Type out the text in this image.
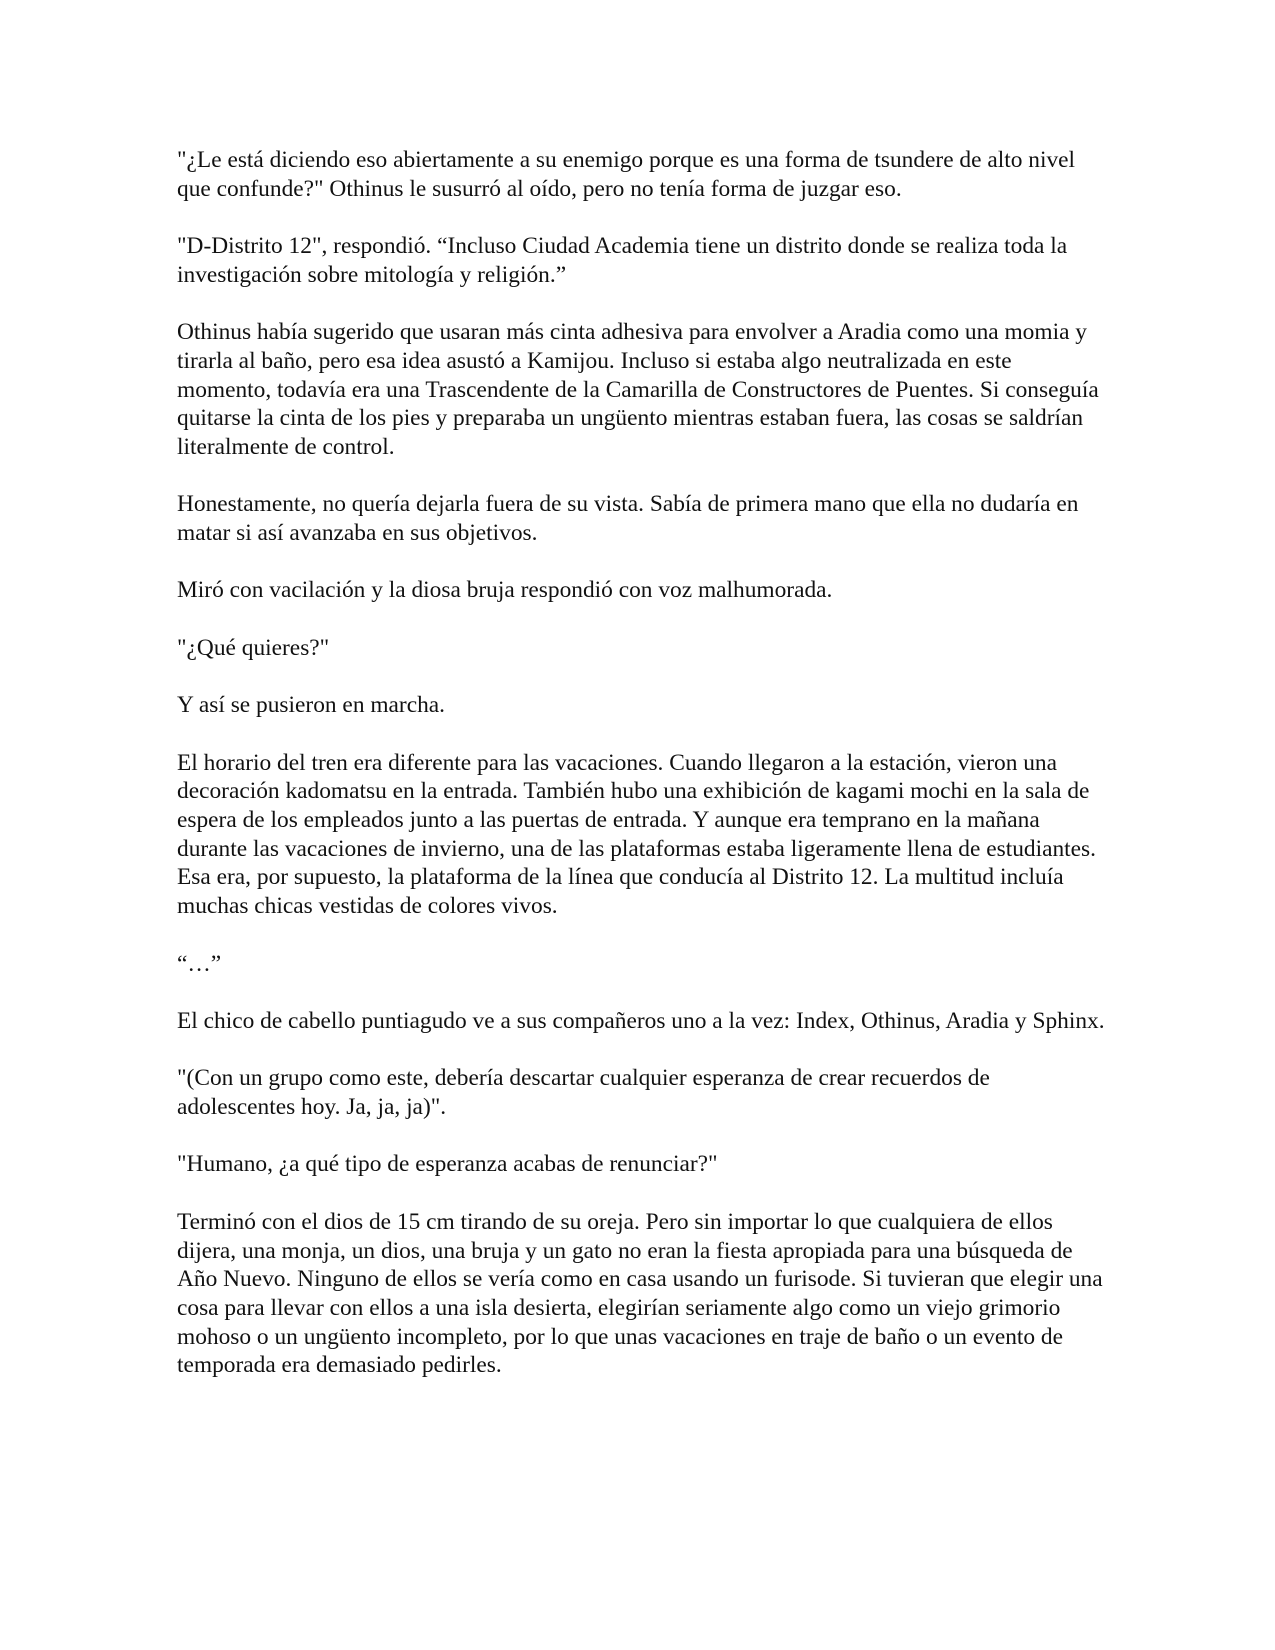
"¿Le está diciendo eso abiertamente a su enemigo porque es una forma de tsundere de alto nivel que confunde?" Othinus le susurró al oído, pero no tenía forma de juzgar eso.

"D-Distrito 12", respondió. “Incluso Ciudad Academia tiene un distrito donde se realiza toda la investigación sobre mitología y religión.”

Othinus había sugerido que usaran más cinta adhesiva para envolver a Aradia como una momia y tirarla al baño, pero esa idea asustó a Kamijou. Incluso si estaba algo neutralizada en este momento, todavía era una Trascendente de la Camarilla de Constructores de Puentes. Si conseguía quitarse la cinta de los pies y preparaba un ungüento mientras estaban fuera, las cosas se saldrían literalmente de control.

Honestamente, no quería dejarla fuera de su vista. Sabía de primera mano que ella no dudaría en matar si así avanzaba en sus objetivos.

Miró con vacilación y la diosa bruja respondió con voz malhumorada.

"¿Qué quieres?"

Y así se pusieron en marcha.

El horario del tren era diferente para las vacaciones. Cuando llegaron a la estación, vieron una decoración kadomatsu en la entrada. También hubo una exhibición de kagami mochi en la sala de espera de los empleados junto a las puertas de entrada. Y aunque era temprano en la mañana durante las vacaciones de invierno, una de las plataformas estaba ligeramente llena de estudiantes. Esa era, por supuesto, la plataforma de la línea que conducía al Distrito 12. La multitud incluía muchas chicas vestidas de colores vivos.

“…”

El chico de cabello puntiagudo ve a sus compañeros uno a la vez: Index, Othinus, Aradia y Sphinx.

"(Con un grupo como este, debería descartar cualquier esperanza de crear recuerdos de adolescentes hoy. Ja, ja, ja)".

"Humano, ¿a qué tipo de esperanza acabas de renunciar?"

Terminó con el dios de 15 cm tirando de su oreja. Pero sin importar lo que cualquiera de ellos dijera, una monja, un dios, una bruja y un gato no eran la fiesta apropiada para una búsqueda de Año Nuevo. Ninguno de ellos se vería como en casa usando un furisode. Si tuvieran que elegir una cosa para llevar con ellos a una isla desierta, elegirían seriamente algo como un viejo grimorio mohoso o un ungüento incompleto, por lo que unas vacaciones en traje de baño o un evento de temporada era demasiado pedirles.
